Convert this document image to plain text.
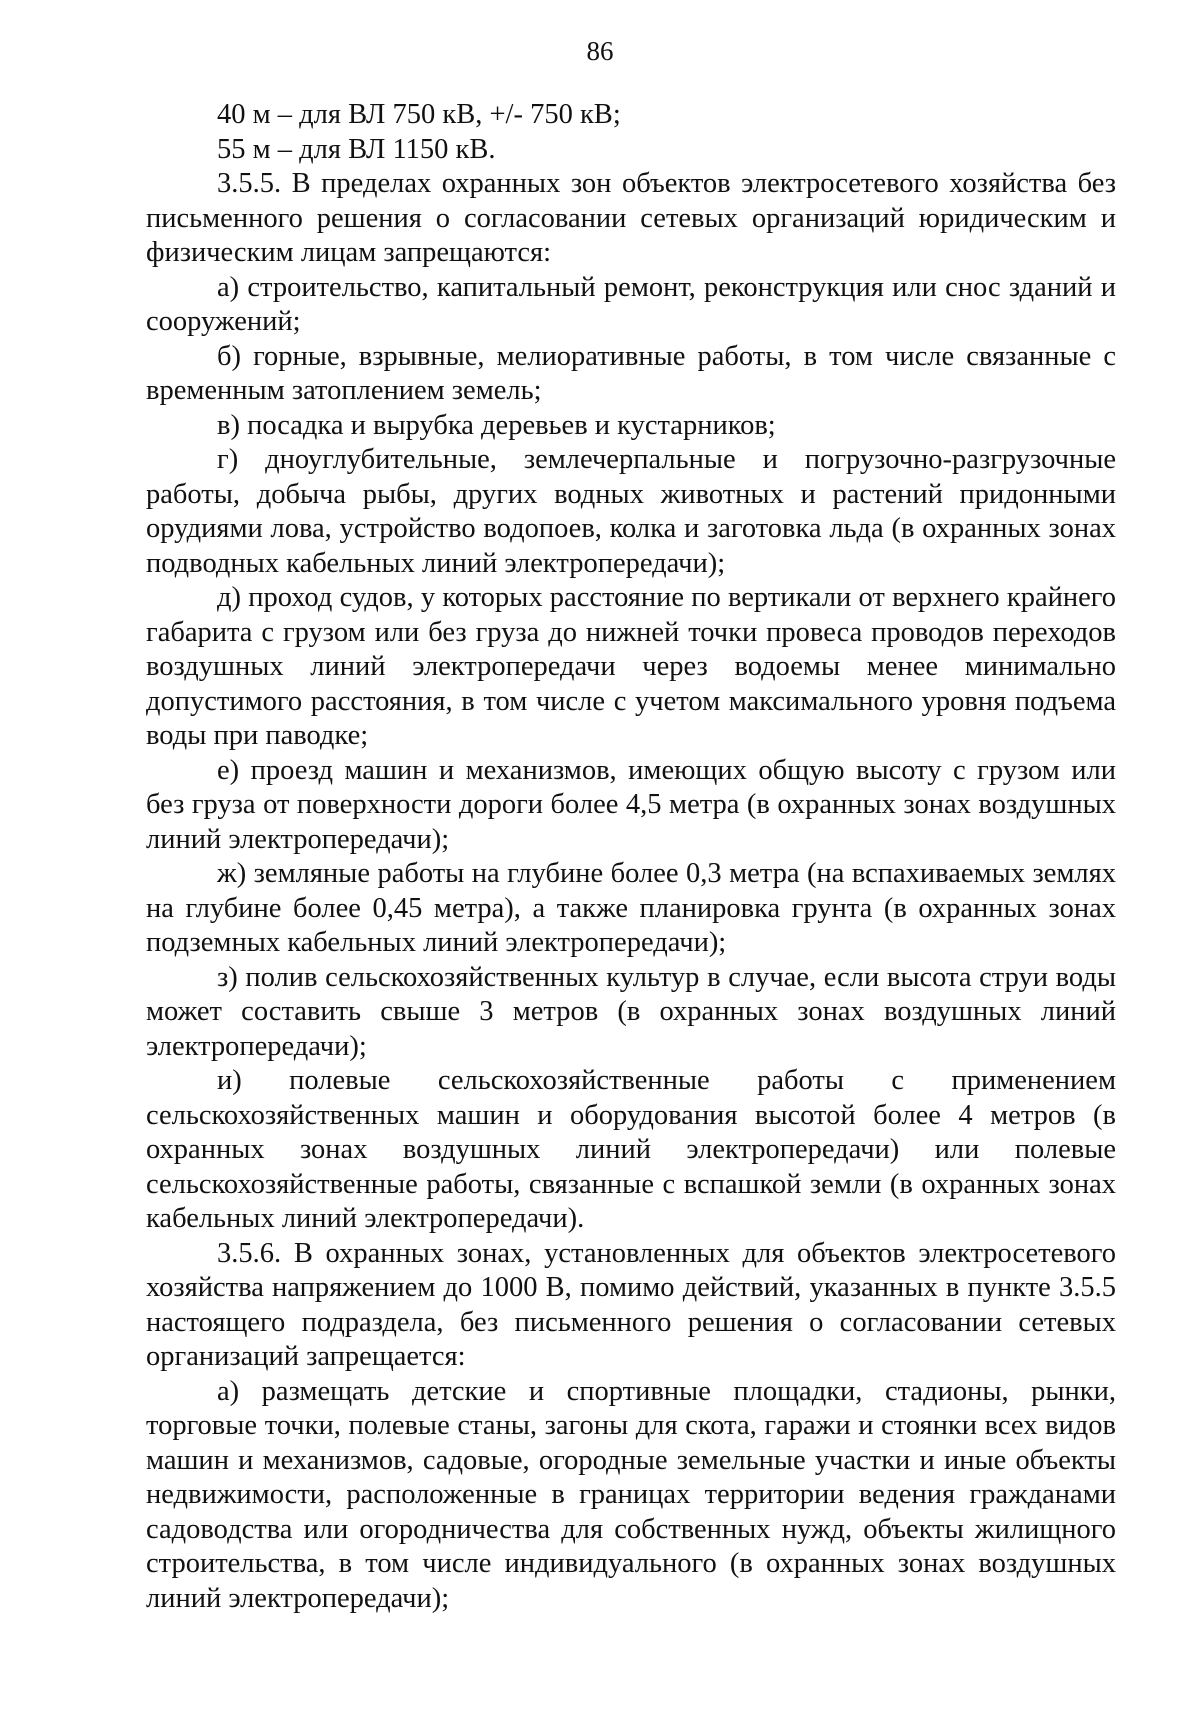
86

40 м – для ВЛ 750 кВ, +/- 750 кВ;

55 м – для ВЛ 1150 кВ.

3.5.5. В пределах охранных зон объектов электросетевого хозяйства без письменного решения о согласовании сетевых организаций юридическим и физическим лицам запрещаются:

а) строительство, капитальный ремонт, реконструкция или снос зданий и сооружений;

б) горные, взрывные, мелиоративные работы, в том числе связанные с временным затоплением земель;

в) посадка и вырубка деревьев и кустарников;

г) дноуглубительные, землечерпальные и погрузочно-разгрузочные работы, добыча рыбы, других водных животных и растений придонными орудиями лова, устройство водопоев, колка и заготовка льда (в охранных зонах подводных кабельных линий электропередачи);

д) проход судов, у которых расстояние по вертикали от верхнего крайнего габарита с грузом или без груза до нижней точки провеса проводов переходов воздушных линий электропередачи через водоемы менее минимально допустимого расстояния, в том числе с учетом максимального уровня подъема воды при паводке;

е) проезд машин и механизмов, имеющих общую высоту с грузом или без груза от поверхности дороги более 4,5 метра (в охранных зонах воздушных линий электропередачи);

ж) земляные работы на глубине более 0,3 метра (на вспахиваемых землях на глубине более 0,45 метра), а также планировка грунта (в охранных зонах подземных кабельных линий электропередачи);

з) полив сельскохозяйственных культур в случае, если высота струи воды может составить свыше 3 метров (в охранных зонах воздушных линий электропередачи);

и) полевые сельскохозяйственные работы с применением сельскохозяйственных машин и оборудования высотой более 4 метров (в охранных зонах воздушных линий электропередачи) или полевые сельскохозяйственные работы, связанные с вспашкой земли (в охранных зонах кабельных линий электропередачи).

3.5.6. В охранных зонах, установленных для объектов электросетевого хозяйства напряжением до 1000 В, помимо действий, указанных в пункте 3.5.5 настоящего подраздела, без письменного решения о согласовании сетевых организаций запрещается:

а) размещать детские и спортивные площадки, стадионы, рынки, торговые точки, полевые станы, загоны для скота, гаражи и стоянки всех видов машин и механизмов, садовые, огородные земельные участки и иные объекты недвижимости, расположенные в границах территории ведения гражданами садоводства или огородничества для собственных нужд, объекты жилищного строительства, в том числе индивидуального (в охранных зонах воздушных линий электропередачи);
